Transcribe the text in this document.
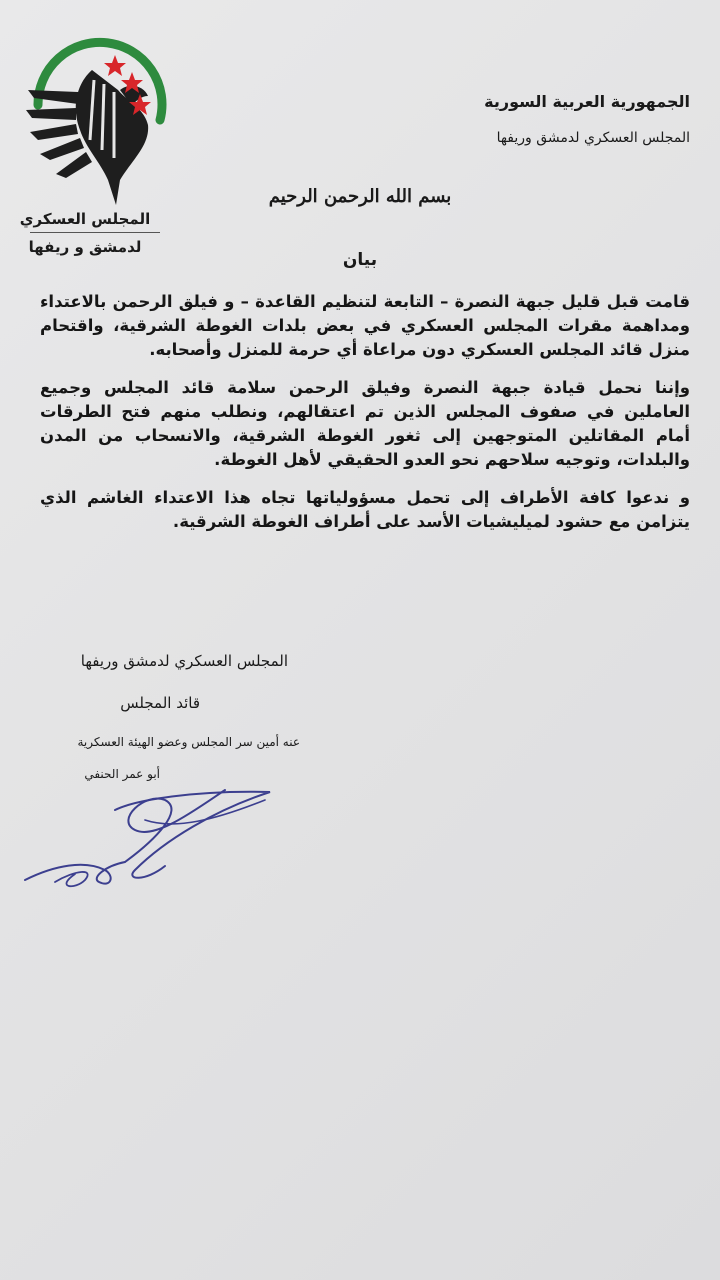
المجلس العسكري
لدمشق و ريفها
الجمهورية العربية السورية
المجلس العسكري لدمشق وريفها
بسم الله الرحمن الرحيم
بيان

قامت قبل قليل جبهة النصرة – التابعة لتنظيم القاعدة – و فيلق الرحمن بالاعتداء ومداهمة مقرات المجلس العسكري في بعض بلدات الغوطة الشرقية، واقتحام منزل قائد المجلس العسكري دون مراعاة أي حرمة للمنزل وأصحابه.

وإننا نحمل قيادة جبهة النصرة وفيلق الرحمن سلامة قائد المجلس وجميع العاملين في صفوف المجلس الذين تم اعتقالهم، ونطلب منهم فتح الطرقات أمام المقاتلين المتوجهين إلى ثغور الغوطة الشرقية، والانسحاب من المدن والبلدات، وتوجيه سلاحهم نحو العدو الحقيقي لأهل الغوطة.

و ندعوا كافة الأطراف إلى تحمل مسؤولياتها تجاه هذا الاعتداء الغاشم الذي يتزامن مع حشود لميليشيات الأسد على أطراف الغوطة الشرقية.

المجلس العسكري لدمشق وريفها
قائد المجلس
عنه أمين سر المجلس وعضو الهيئة العسكرية
أبو عمر الحنفي
